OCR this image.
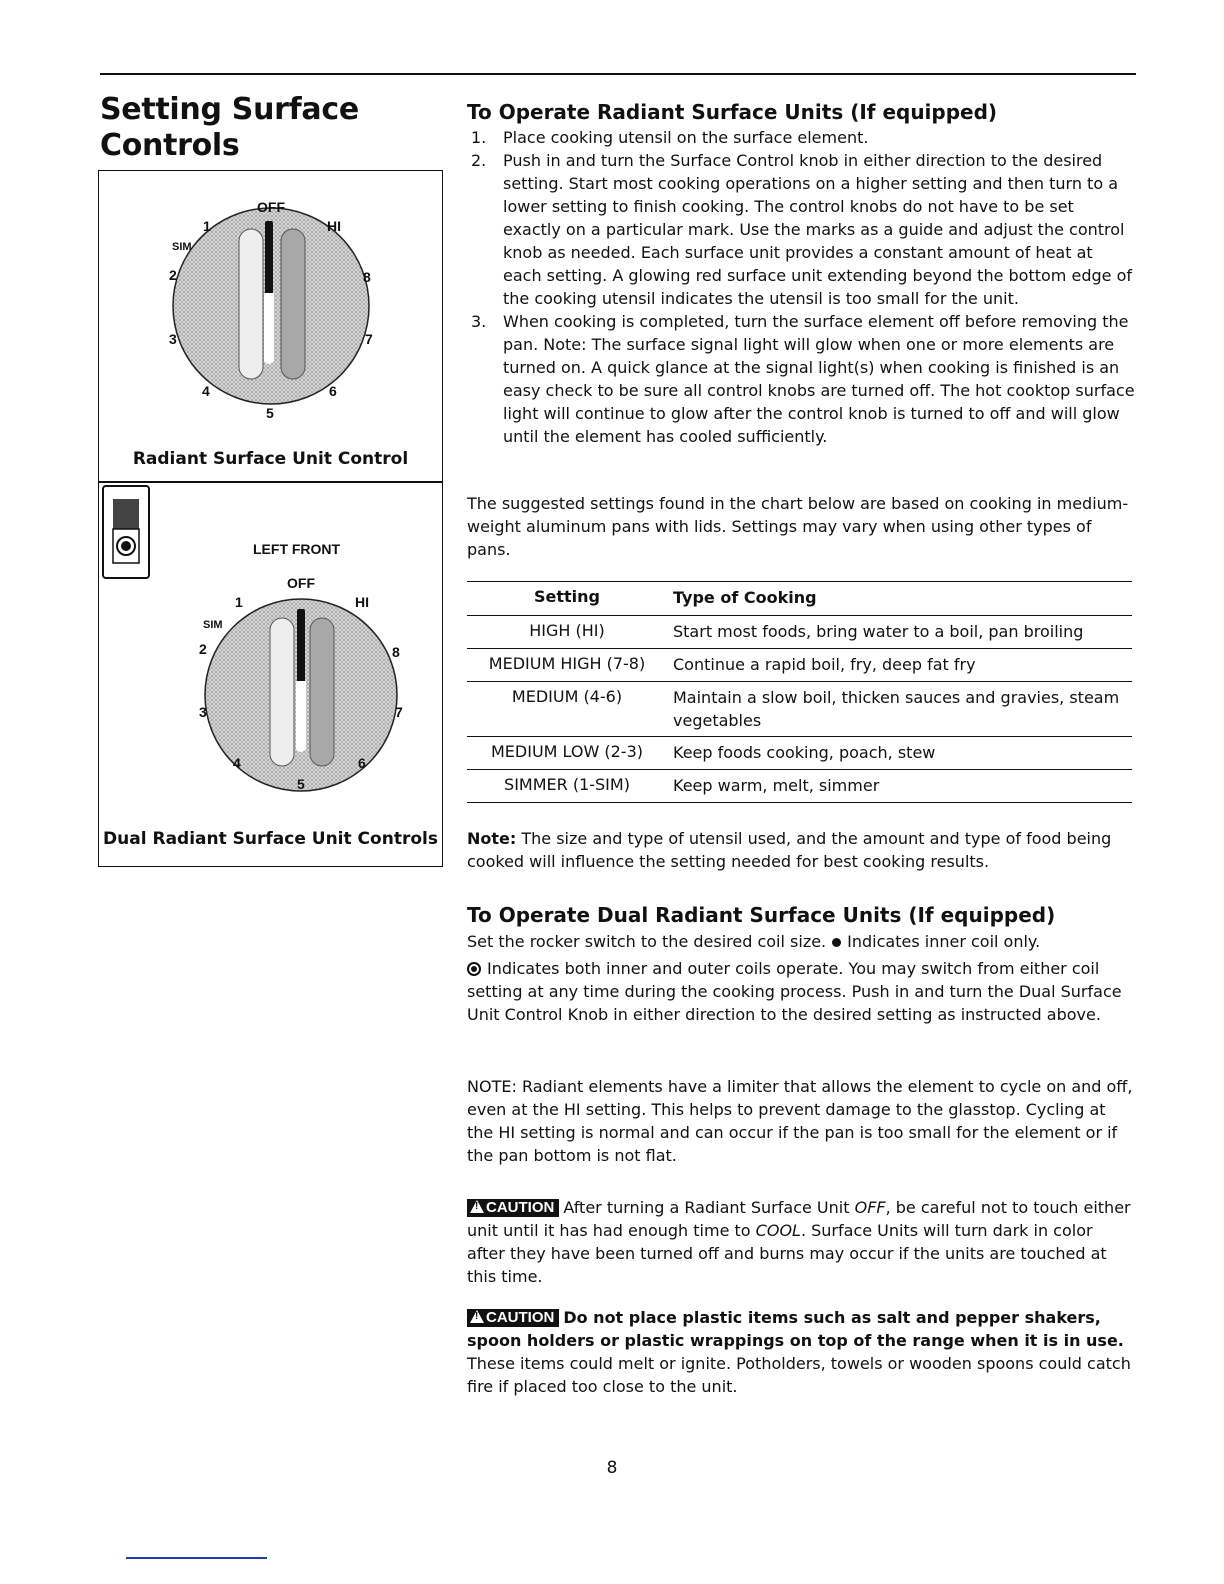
Setting Surface
Controls
OFF
1	HI
SIM
2	8
3	7
4	6
5
Radiant Surface Unit Control
LEFT FRONT
OFF
1	HI
SIM
2	8
3	7
4	6
5
Dual Radiant Surface Unit Controls
To Operate Radiant Surface Units (If equipped)
1. Place cooking utensil on the surface element.
2. Push in and turn the Surface Control knob in either direction to the desired setting. Start most cooking operations on a higher setting and then turn to a lower setting to finish cooking. The control knobs do not have to be set exactly on a particular mark. Use the marks as a guide and adjust the control knob as needed. Each surface unit provides a constant amount of heat at each setting. A glowing red surface unit extending beyond the bottom edge of the cooking utensil indicates the utensil is too small for the unit.
3. When cooking is completed, turn the surface element off before removing the pan. Note: The surface signal light will glow when one or more elements are turned on. A quick glance at the signal light(s) when cooking is finished is an easy check to be sure all control knobs are turned off. The hot cooktop surface light will continue to glow after the control knob is turned to off and will glow until the element has cooled sufficiently.

The suggested settings found in the chart below are based on cooking in medium-weight aluminum pans with lids. Settings may vary when using other types of pans.

Setting	Type of Cooking
HIGH (HI)	Start most foods, bring water to a boil, pan broiling
MEDIUM HIGH (7-8)	Continue a rapid boil, fry, deep fat fry
MEDIUM (4-6)	Maintain a slow boil, thicken sauces and gravies, steam vegetables
MEDIUM LOW (2-3)	Keep foods cooking, poach, stew
SIMMER (1-SIM)	Keep warm, melt, simmer

Note: The size and type of utensil used, and the amount and type of food being cooked will influence the setting needed for best cooking results.

To Operate Dual Radiant Surface Units (If equipped)

Set the rocker switch to the desired coil size. Indicates inner coil only.
Indicates both inner and outer coils operate. You may switch from either coil setting at any time during the cooking process. Push in and turn the Dual Surface Unit Control Knob in either direction to the desired setting as instructed above.

NOTE: Radiant elements have a limiter that allows the element to cycle on and off, even at the HI setting. This helps to prevent damage to the glasstop. Cycling at the HI setting is normal and can occur if the pan is too small for the element or if the pan bottom is not flat.

!CAUTION After turning a Radiant Surface Unit OFF, be careful not to touch either unit until it has had enough time to COOL. Surface Units will turn dark in color after they have been turned off and burns may occur if the units are touched at this time.

!CAUTION Do not place plastic items such as salt and pepper shakers, spoon holders or plastic wrappings on top of the range when it is in use. These items could melt or ignite. Potholders, towels or wooden spoons could catch fire if placed too close to the unit.

8
